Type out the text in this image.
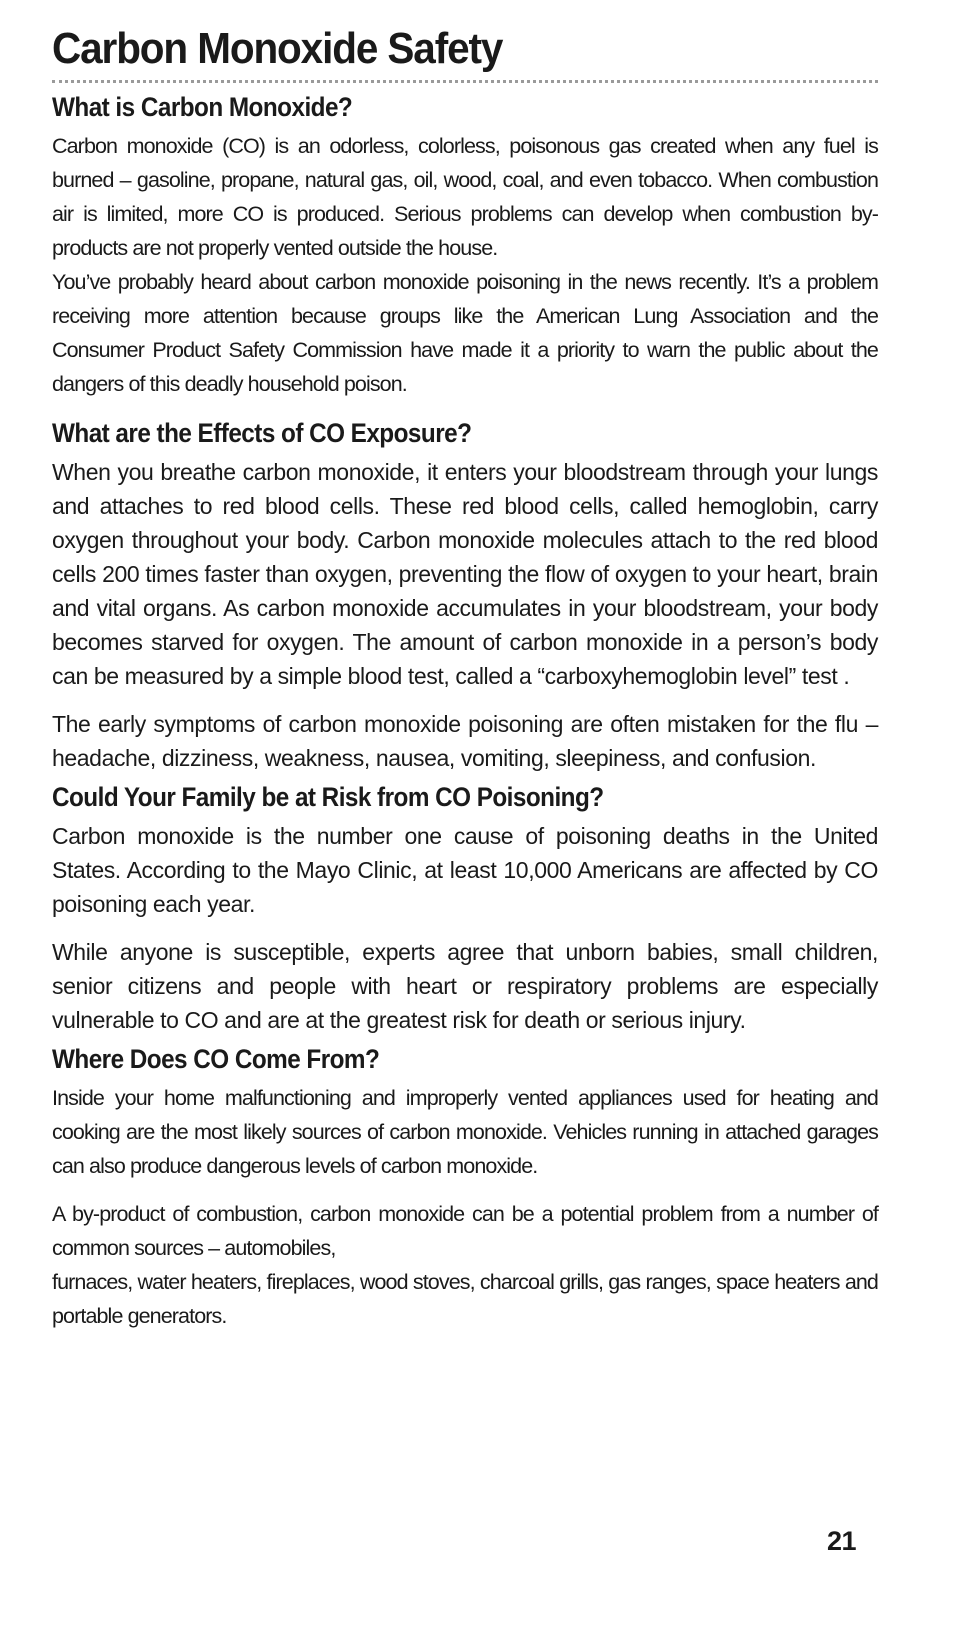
Carbon Monoxide Safety
What is Carbon Monoxide?

Carbon monoxide (CO) is an odorless, colorless, poisonous gas created when any fuel is burned – gasoline, propane, natural gas, oil, wood, coal, and even tobacco. When combustion air is limited, more CO is produced. Serious problems can develop when combustion by-products are not properly vented outside the house.

You’ve probably heard about carbon monoxide poisoning in the news recently. It’s a problem receiving more attention because groups like the American Lung Association and the Consumer Product Safety Commission have made it a priority to warn the public about the dangers of this deadly household poison.

What are the Effects of CO Exposure?

When you breathe carbon monoxide, it enters your bloodstream through your lungs and attaches to red blood cells. These red blood cells, called hemoglobin, carry oxygen throughout your body. Carbon monoxide molecules attach to the red blood cells 200 times faster than oxygen, preventing the flow of oxygen to your heart, brain and vital organs. As carbon monoxide accumulates in your bloodstream, your body becomes starved for oxygen. The amount of carbon monoxide in a person’s body can be measured by a simple blood test, called a “carboxyhemoglobin level” test .

The early symptoms of carbon monoxide poisoning are often mistaken for the flu – headache, dizziness, weakness, nausea, vomiting, sleepiness, and confusion.

Could Your Family be at Risk from CO Poisoning?

Carbon monoxide is the number one cause of poisoning deaths in the United States. According to the Mayo Clinic, at least 10,000 Americans are affected by CO poisoning each year.

While anyone is susceptible, experts agree that unborn babies, small children, senior citizens and people with heart or respiratory problems are especially vulnerable to CO and are at the greatest risk for death or serious injury.

Where Does CO Come From?

Inside your home malfunctioning and improperly vented appliances used for heating and cooking are the most likely sources of carbon monoxide. Vehicles running in attached garages can also produce dangerous levels of carbon monoxide.

A by-product of combustion, carbon monoxide can be a potential problem from a number of common sources – automobiles,

furnaces, water heaters, fireplaces, wood stoves, charcoal grills, gas ranges, space heaters and portable generators.

21
